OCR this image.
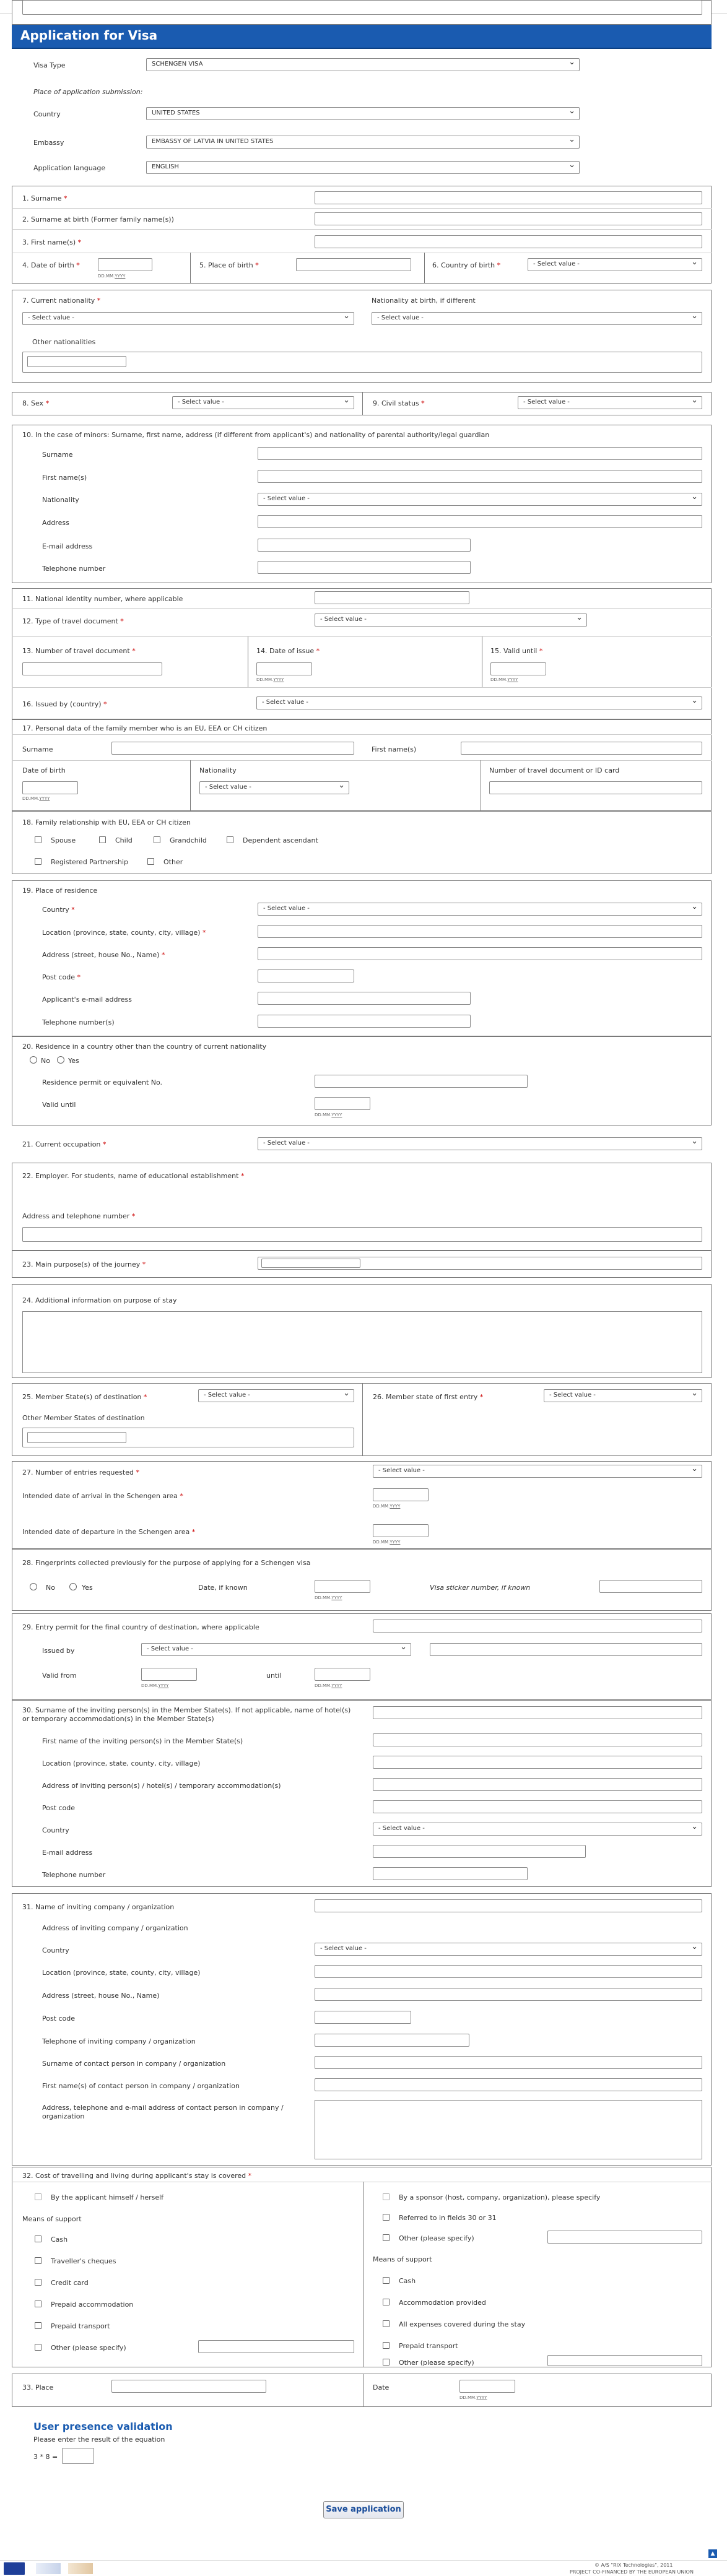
Application for Visa
Visa Type	SCHENGEN VISA ⌄
Place of application submission:
Country	UNITED STATES ⌄
Embassy	EMBASSY OF LATVIA IN UNITED STATES ⌄
Application language	ENGLISH ⌄
1. Surname *
2. Surname at birth (Former family name(s))
3. First name(s) *
4. Date of birth *
DD.MM.YYYY
5. Place of birth *	6. Country of birth *	- Select value - ⌄
7. Current nationality *
- Select value - ⌄
Nationality at birth, if different
- Select value - ⌄
Other nationalities
8. Sex *	- Select value - ⌄	9. Civil status *	- Select value - ⌄
10. In the case of minors: Surname, first name, address (if different from applicant's) and nationality of parental authority/legal guardian
Surname
First name(s)
Nationality	- Select value - ⌄
Address
E-mail address
Telephone number
11. National identity number, where applicable
12. Type of travel document *	- Select value - ⌄
13. Number of travel document *	14. Date of issue *
DD.MM.YYYY
15. Valid until *
DD.MM.YYYY
16. Issued by (country) *	- Select value - ⌄
17. Personal data of the family member who is an EU, EEA or CH citizen
Surname	First name(s)
Date of birth
DD.MM.YYYY
Nationality
- Select value - ⌄
Number of travel document or ID card
18. Family relationship with EU, EEA or CH citizen
Spouse	Child	Grandchild	Dependent ascendant
Registered Partnership	Other
19. Place of residence
Country *	- Select value - ⌄
Location (province, state, county, city, village) *
Address (street, house No., Name) *
Post code *
Applicant's e-mail address
Telephone number(s)
20. Residence in a country other than the country of current nationality
No	Yes
Residence permit or equivalent No.
Valid until
DD.MM.YYYY
21. Current occupation *	- Select value - ⌄
22. Employer. For students, name of educational establishment *
Address and telephone number *
23. Main purpose(s) of the journey *
24. Additional information on purpose of stay
25. Member State(s) of destination *	- Select value - ⌄
Other Member States of destination
26. Member state of first entry *	- Select value - ⌄
27. Number of entries requested *	- Select value - ⌄
Intended date of arrival in the Schengen area *
DD.MM.YYYY
Intended date of departure in the Schengen area *
DD.MM.YYYY
28. Fingerprints collected previously for the purpose of applying for a Schengen visa
No	Yes	Date, if known
DD.MM.YYYY
Visa sticker number, if known
29. Entry permit for the final country of destination, where applicable
Issued by	- Select value - ⌄
Valid from
DD.MM.YYYY
until
DD.MM.YYYY
30. Surname of the inviting person(s) in the Member State(s). If not applicable, name of hotel(s) or temporary accommodation(s) in the Member State(s)
First name of the inviting person(s) in the Member State(s)
Location (province, state, county, city, village)
Address of inviting person(s) / hotel(s) / temporary accommodation(s)
Post code
Country	- Select value - ⌄
E-mail address
Telephone number
31. Name of inviting company / organization
Address of inviting company / organization
Country	- Select value - ⌄
Location (province, state, county, city, village)
Address (street, house No., Name)
Post code
Telephone of inviting company / organization
Surname of contact person in company / organization
First name(s) of contact person in company / organization
Address, telephone and e-mail address of contact person in company / organization
32. Cost of travelling and living during applicant's stay is covered *
By the applicant himself / herself
Means of support
Cash
Traveller's cheques
Credit card
Prepaid accommodation
Prepaid transport
Other (please specify)
By a sponsor (host, company, organization), please specify
Referred to in fields 30 or 31
Other (please specify)
Means of support
Cash
Accommodation provided
All expenses covered during the stay
Prepaid transport
Other (please specify)
33. Place	Date
DD.MM.YYYY
User presence validation
Please enter the result of the equation
3 * 8 =
Save application
▲
© A/S "RIX Technologies", 2011
PROJECT CO-FINANCED BY THE EUROPEAN UNION
